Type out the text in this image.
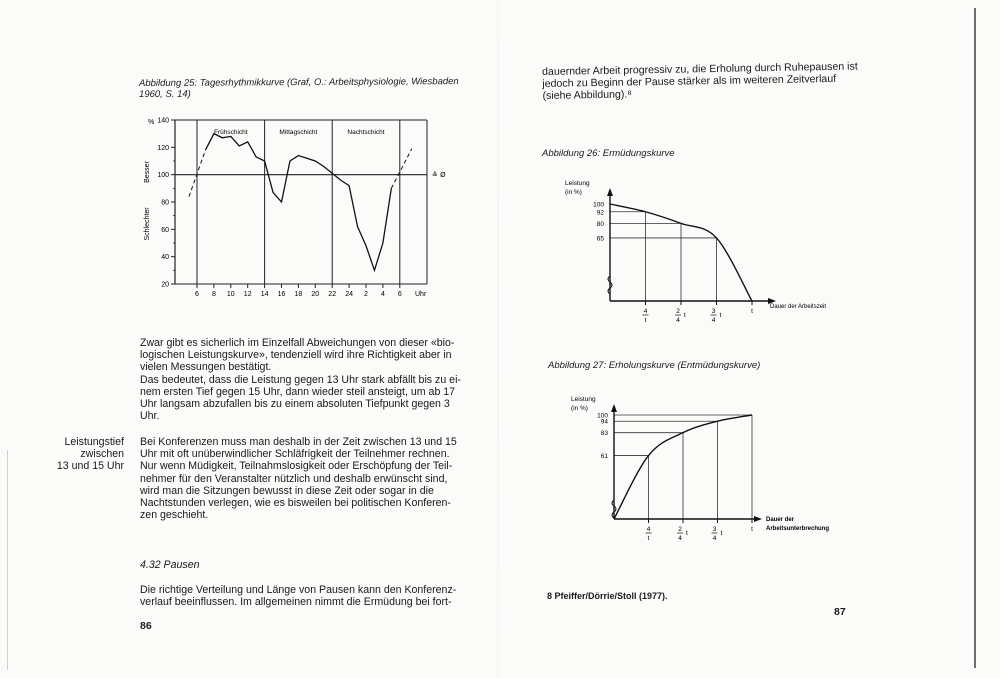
Abbildung 25: Tagesrhythmikkurve (Graf, O.: Arbeitsphysiologie, Wiesbaden 1960, S. 14)
140
120
100
80
60
40
20
6 8 10 12 14 16 18 20 22 24 2 4 6
%
Besser
Schlechter
Frühschicht	Mittagschicht	Nachtschicht
≙ Ø
Uhr
Zwar gibt es sicherlich im Einzelfall Abweichungen von dieser «bio-
logischen Leistungskurve», tendenziell wird ihre Richtigkeit aber in
vielen Messungen bestätigt.
Das bedeutet, dass die Leistung gegen 13 Uhr stark abfällt bis zu ei-
nem ersten Tief gegen 15 Uhr, dann wieder steil ansteigt, um ab 17
Uhr langsam abzufallen bis zu einem absoluten Tiefpunkt gegen 3
Uhr.
Leistungstief
zwischen
13 und 15 Uhr
Bei Konferenzen muss man deshalb in der Zeit zwischen 13 und 15
Uhr mit oft unüberwindlicher Schläfrigkeit der Teilnehmer rechnen.
Nur wenn Müdigkeit, Teilnahmslosigkeit oder Erschöpfung der Teil-
nehmer für den Veranstalter nützlich und deshalb erwünscht sind,
wird man die Sitzungen bewusst in diese Zeit oder sogar in die
Nachtstunden verlegen, wie es bisweilen bei politischen Konferen-
zen geschieht.
4.32 Pausen
Die richtige Verteilung und Länge von Pausen kann den Konferenz-
verlauf beeinflussen. Im allgemeinen nimmt die Ermüdung bei fort-
86
dauernder Arbeit progressiv zu, die Erholung durch Ruhepausen ist
jedoch zu Beginn der Pause stärker als im weiteren Zeitverlauf
(siehe Abbildung).⁸
Abbildung 26: Ermüdungskurve
Leistung
(in %)
100
92
80
65
4
t
2
4
t
3
4
t
t
Dauer der Arbeitszeit
Abbildung 27: Erholungskurve (Entmüdungskurve)
Leistung
(in %)
100
94
83
61
4
t
2
4
t
3
4
t
t
Dauer der
Arbeitsunterbrechung
8 Pfeiffer/Dörrie/Stoll (1977).
87
